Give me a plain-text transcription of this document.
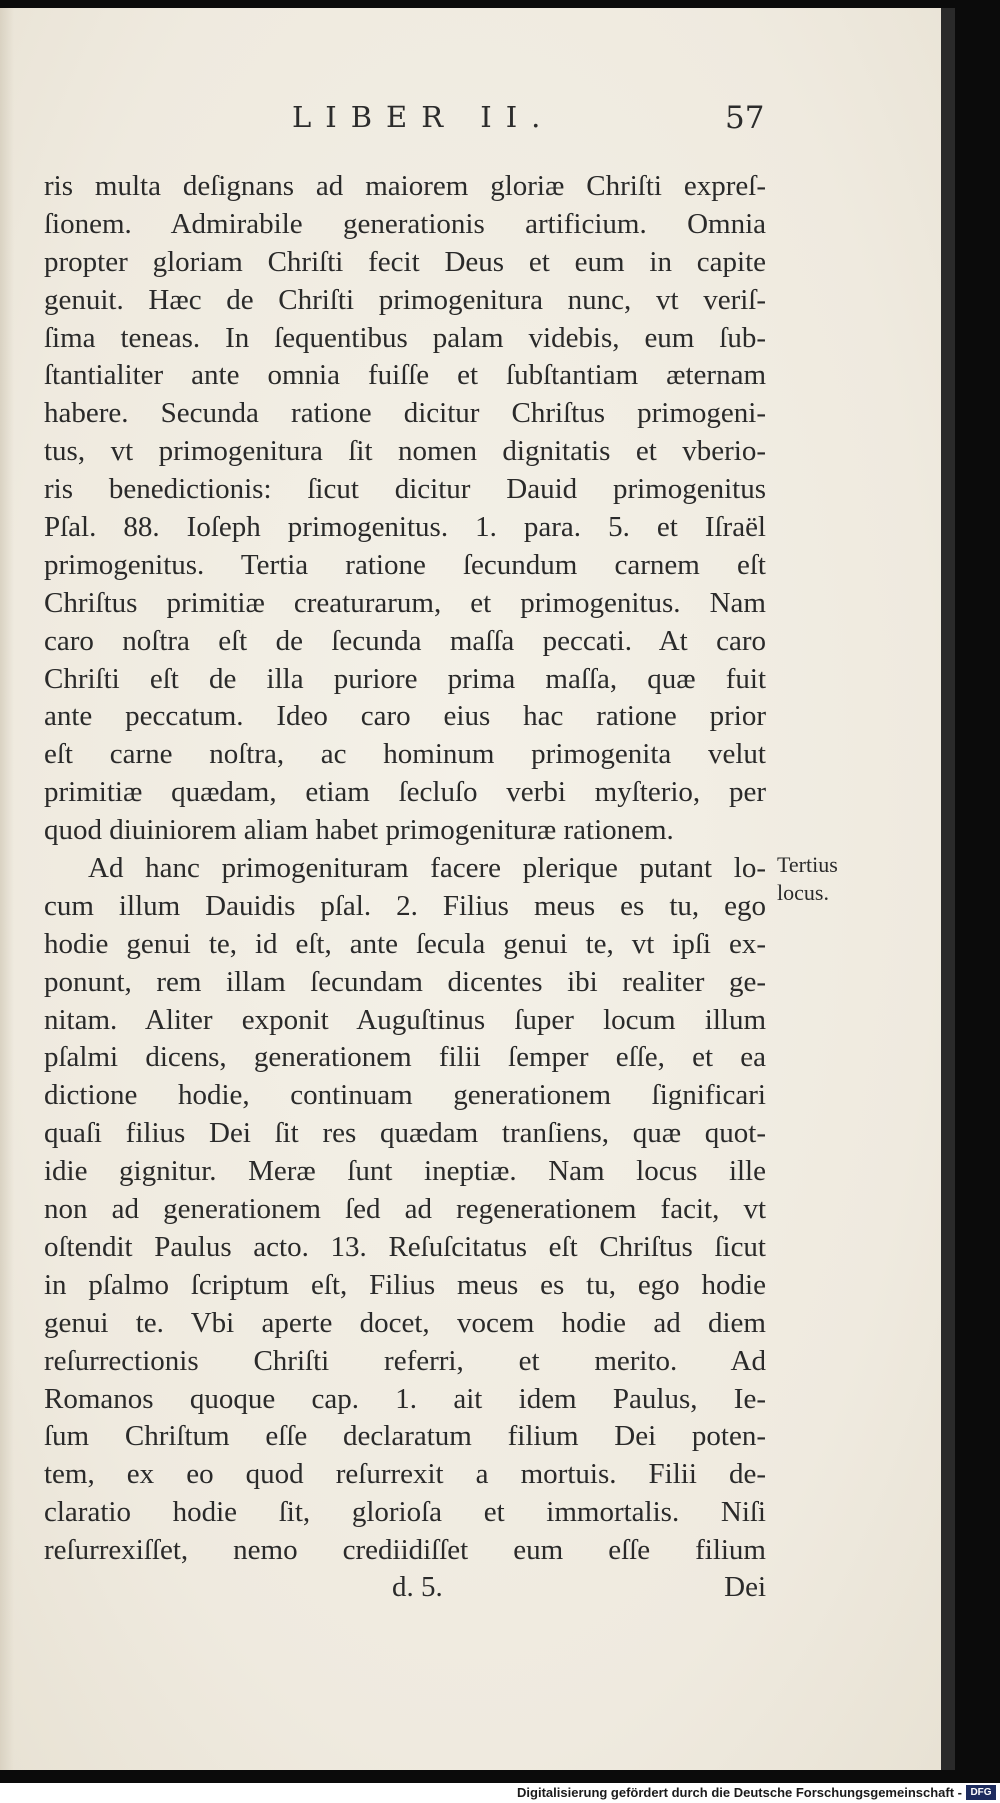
LIBER II.	57
ris multa deſignans ad maiorem gloriæ Chriſti expreſ-
ſionem. Admirabile generationis artificium. Omnia
propter gloriam Chriſti fecit Deus et eum in capite
genuit. Hæc de Chriſti primogenitura nunc, vt veriſ-
ſima teneas. In ſequentibus palam videbis, eum ſub-
ſtantialiter ante omnia fuiſſe et ſubſtantiam æternam
habere. Secunda ratione dicitur Chriſtus primogeni-
tus, vt primogenitura ſit nomen dignitatis et vberio-
ris benedictionis: ſicut dicitur Dauid primogenitus
Pſal. 88. Ioſeph primogenitus. 1. para. 5. et Iſraël
primogenitus. Tertia ratione ſecundum carnem eſt
Chriſtus primitiæ creaturarum, et primogenitus. Nam
caro noſtra eſt de ſecunda maſſa peccati. At caro
Chriſti eſt de illa puriore prima maſſa, quæ fuit
ante peccatum. Ideo caro eius hac ratione prior
eſt carne noſtra, ac hominum primogenita velut
primitiæ quædam, etiam ſecluſo verbi myſterio, per
quod diuiniorem aliam habet primogenituræ rationem.
Ad hanc primogenituram facere plerique putant lo-
cum illum Dauidis pſal. 2. Filius meus es tu, ego
hodie genui te, id eſt, ante ſecula genui te, vt ipſi ex-
ponunt, rem illam ſecundam dicentes ibi realiter ge-
nitam. Aliter exponit Auguſtinus ſuper locum illum
pſalmi dicens, generationem filii ſemper eſſe, et ea
dictione hodie, continuam generationem ſignificari
quaſi filius Dei ſit res quædam tranſiens, quæ quot-
idie gignitur. Meræ ſunt ineptiæ. Nam locus ille
non ad generationem ſed ad regenerationem facit, vt
oſtendit Paulus acto. 13. Reſuſcitatus eſt Chriſtus ſicut
in pſalmo ſcriptum eſt, Filius meus es tu, ego hodie
genui te. Vbi aperte docet, vocem hodie ad diem
reſurrectionis Chriſti referri, et merito. Ad
Romanos quoque cap. 1. ait idem Paulus, Ie-
ſum Chriſtum eſſe declaratum filium Dei poten-
tem, ex eo quod reſurrexit a mortuis. Filii de-
claratio hodie ſit, glorioſa et immortalis. Niſi
reſurrexiſſet, nemo crediidiſſet eum eſſe filium
Tertius
locus.
d. 5.	Dei
Digitalisierung gefördert durch die Deutsche Forschungsgemeinschaft - DFG
